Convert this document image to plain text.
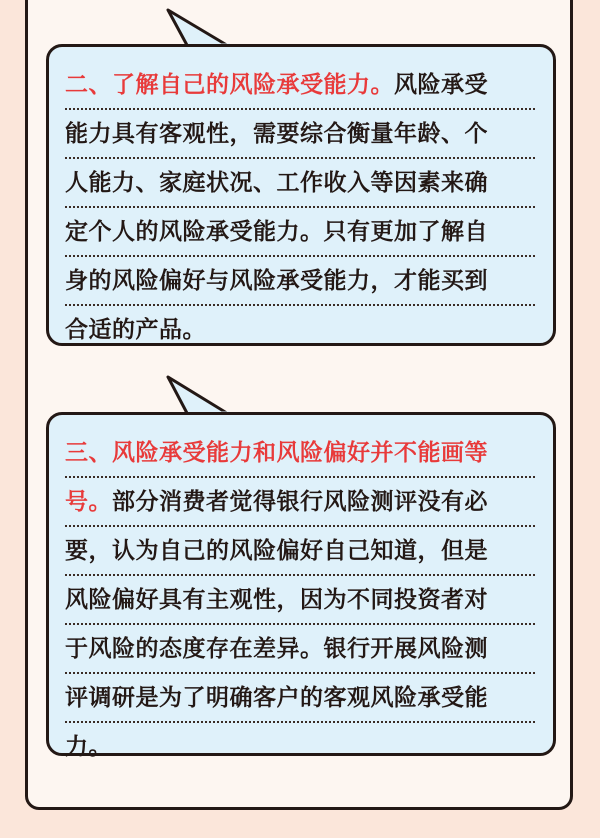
二、了解自己的风险承受能力。风险承受
能力具有客观性，需要综合衡量年龄、个
人能力、家庭状况、工作收入等因素来确
定个人的风险承受能力。只有更加了解自
身的风险偏好与风险承受能力，才能买到
合适的产品。
三、风险承受能力和风险偏好并不能画等
号。部分消费者觉得银行风险测评没有必
要，认为自己的风险偏好自己知道，但是
风险偏好具有主观性，因为不同投资者对
于风险的态度存在差异。银行开展风险测
评调研是为了明确客户的客观风险承受能
力。
